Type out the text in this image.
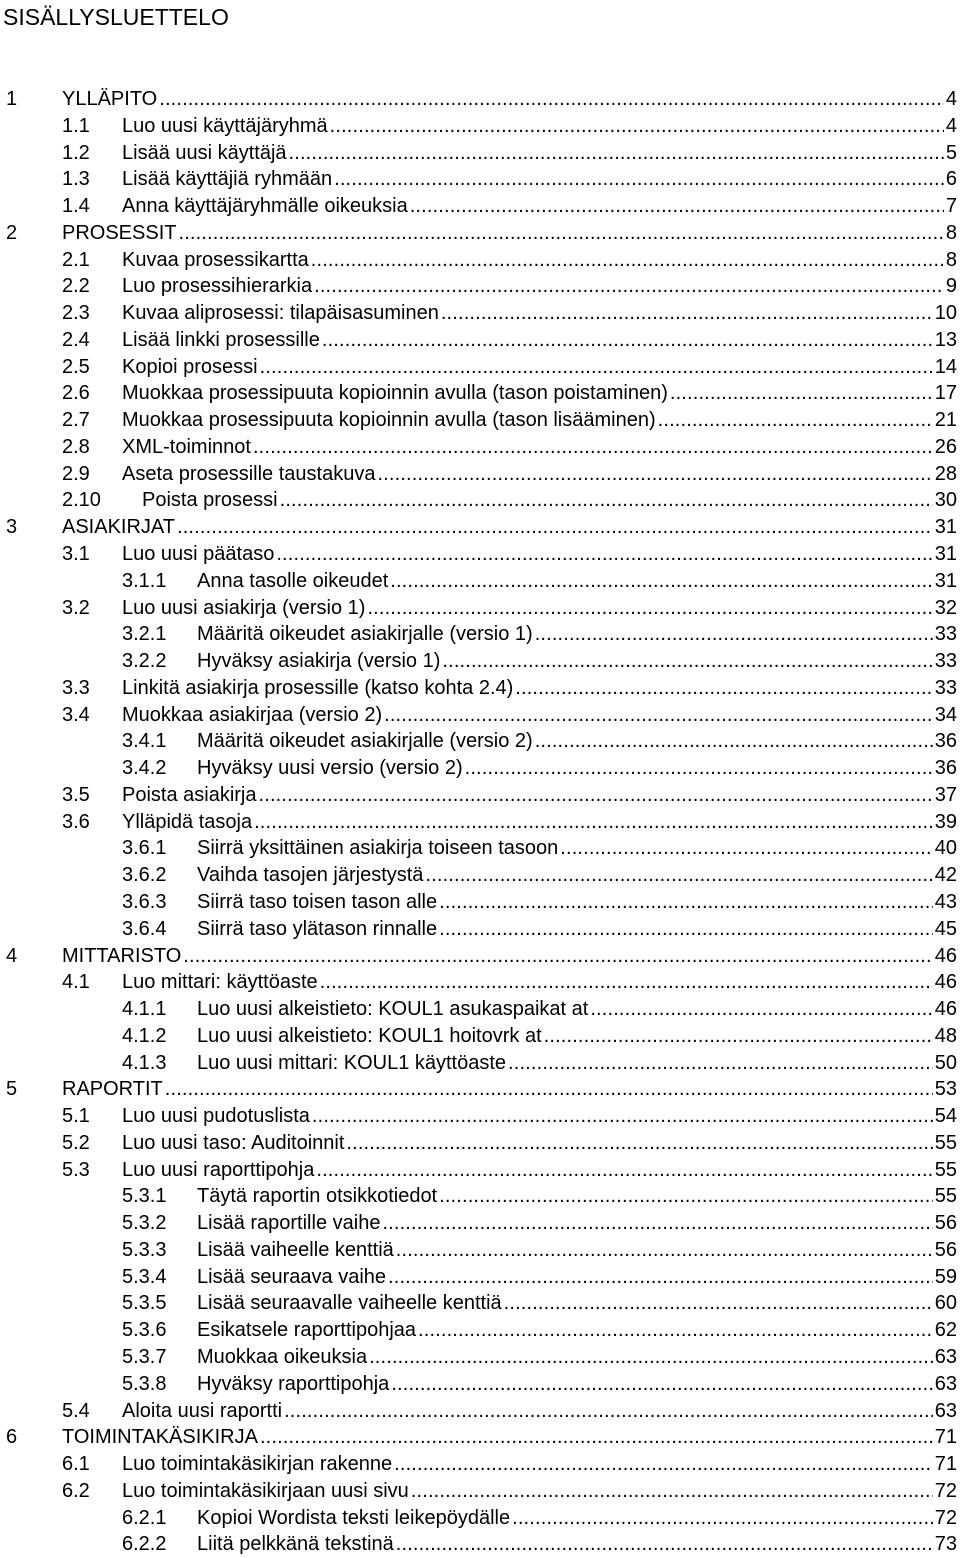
SISÄLLYSLUETTELO
1 YLLÄPITO . . .	4
1.1 Luo uusi käyttäjäryhmä . . .	4
1.2 Lisää uusi käyttäjä . . .	5
1.3 Lisää käyttäjiä ryhmään . . .	6
1.4 Anna käyttäjäryhmälle oikeuksia . . .	7
2 PROSESSIT . . .	8
2.1 Kuvaa prosessikartta . . .	8
2.2 Luo prosessihierarkia . . .	9
2.3 Kuvaa aliprosessi: tilapäisasuminen . . .	10
2.4 Lisää linkki prosessille . . .	13
2.5 Kopioi prosessi . . .	14
2.6 Muokkaa prosessipuuta kopioinnin avulla (tason poistaminen) . . .	17
2.7 Muokkaa prosessipuuta kopioinnin avulla (tason lisääminen) . . .	21
2.8 XML-toiminnot . . .	26
2.9 Aseta prosessille taustakuva . . .	28
2.10 Poista prosessi . . .	30
3 ASIAKIRJAT . . .	31
3.1 Luo uusi päätaso . . .	31
3.1.1 Anna tasolle oikeudet . . .	31
3.2 Luo uusi asiakirja (versio 1) . . .	32
3.2.1 Määritä oikeudet asiakirjalle (versio 1) . . .	33
3.2.2 Hyväksy asiakirja (versio 1) . . .	33
3.3 Linkitä asiakirja prosessille (katso kohta 2.4) . . .	33
3.4 Muokkaa asiakirjaa (versio 2) . . .	34
3.4.1 Määritä oikeudet asiakirjalle (versio 2) . . .	36
3.4.2 Hyväksy uusi versio (versio 2) . . .	36
3.5 Poista asiakirja . . .	37
3.6 Ylläpidä tasoja . . .	39
3.6.1 Siirrä yksittäinen asiakirja toiseen tasoon . . .	40
3.6.2 Vaihda tasojen järjestystä . . .	42
3.6.3 Siirrä taso toisen tason alle . . .	43
3.6.4 Siirrä taso ylätason rinnalle . . .	45
4 MITTARISTO . . .	46
4.1 Luo mittari: käyttöaste . . .	46
4.1.1 Luo uusi alkeistieto: KOUL1 asukaspaikat at . . .	46
4.1.2 Luo uusi alkeistieto: KOUL1 hoitovrk at . . .	48
4.1.3 Luo uusi mittari: KOUL1 käyttöaste . . .	50
5 RAPORTIT . . .	53
5.1 Luo uusi pudotuslista . . .	54
5.2 Luo uusi taso: Auditoinnit . . .	55
5.3 Luo uusi raporttipohja . . .	55
5.3.1 Täytä raportin otsikkotiedot . . .	55
5.3.2 Lisää raportille vaihe . . .	56
5.3.3 Lisää vaiheelle kenttiä . . .	56
5.3.4 Lisää seuraava vaihe . . .	59
5.3.5 Lisää seuraavalle vaiheelle kenttiä . . .	60
5.3.6 Esikatsele raporttipohjaa . . .	62
5.3.7 Muokkaa oikeuksia . . .	63
5.3.8 Hyväksy raporttipohja . . .	63
5.4 Aloita uusi raportti . . .	63
6 TOIMINTAKÄSIKIRJA . . .	71
6.1 Luo toimintakäsikirjan rakenne . . .	71
6.2 Luo toimintakäsikirjaan uusi sivu . . .	72
6.2.1 Kopioi Wordista teksti leikepöydälle . . .	72
6.2.2 Liitä pelkkänä tekstinä . . .	73
